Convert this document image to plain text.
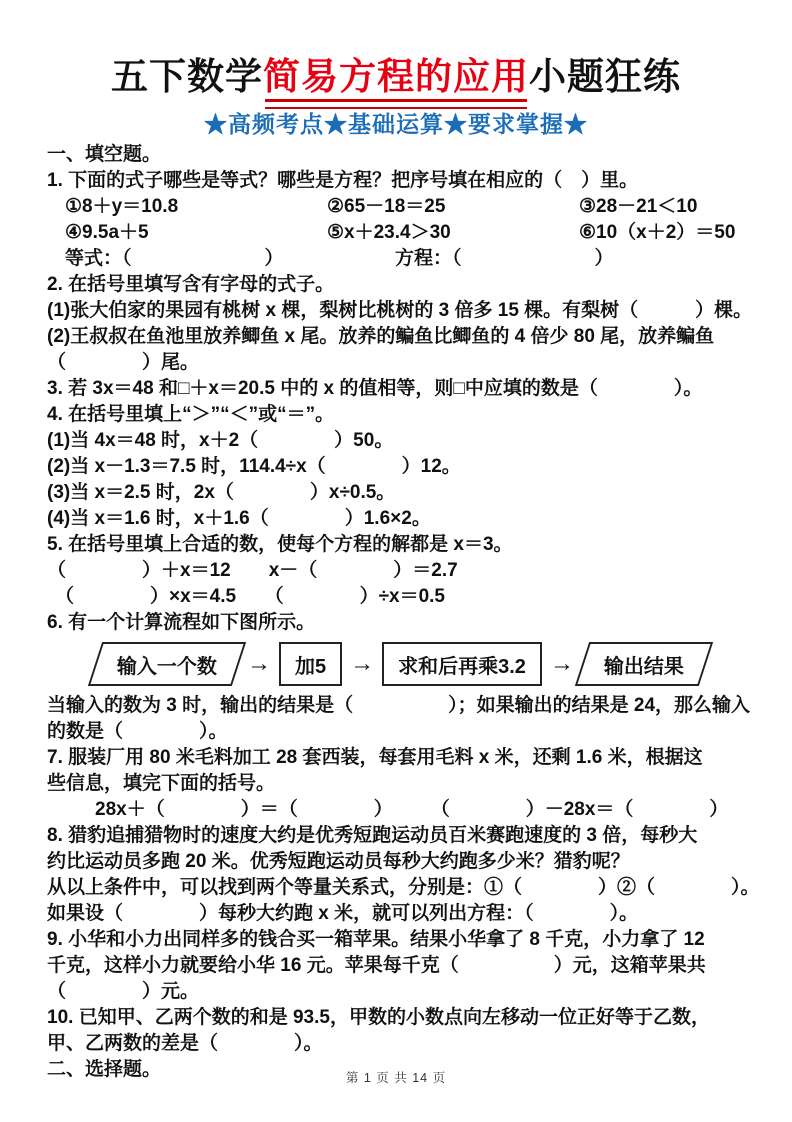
五下数学简易方程的应用小题狂练
★高频考点★基础运算★要求掌握★
一、填空题。
1. 下面的式子哪些是等式？哪些是方程？把序号填在相应的（　）里。
①8＋y＝10.8	②65－18＝25	③28－21＜10
④9.5a＋5	⑤x＋23.4＞30	⑥10（x＋2）＝50
等式：（　　　　　　　）	方程：（　　　　　　　）
2. 在括号里填写含有字母的式子。
(1)张大伯家的果园有桃树 x 棵，梨树比桃树的 3 倍多 15 棵。有梨树（　　　）棵。
(2)王叔叔在鱼池里放养鲫鱼 x 尾。放养的鳊鱼比鲫鱼的 4 倍少 80 尾，放养鳊鱼
（　　　　）尾。
3. 若 3x＝48 和□＋x＝20.5 中的 x 的值相等，则□中应填的数是（　　　　）。
4. 在括号里填上“＞”“＜”或“＝”。
(1)当 4x＝48 时，x＋2（　　　　）50。
(2)当 x－1.3＝7.5 时，114.4÷x（　　　　）12。
(3)当 x＝2.5 时，2x（　　　　）x÷0.5。
(4)当 x＝1.6 时，x＋1.6（　　　　）1.6×2。
5. 在括号里填上合适的数，使每个方程的解都是 x＝3。
（　　　　）＋x＝12　　x－（　　　　）＝2.7
（　　　　）×x＝4.5　　（　　　　）÷x＝0.5
6. 有一个计算流程如下图所示。
输入一个数	→	加5	→	求和后再乘3.2	→	输出结果
当输入的数为 3 时，输出的结果是（　　　　　）；如果输出的结果是 24，那么输入
的数是（　　　　）。
7. 服装厂用 80 米毛料加工 28 套西装，每套用毛料 x 米，还剩 1.6 米，根据这
些信息，填完下面的括号。
28x＋（　　　　）＝（　　　　）　　　（　　　　）－28x＝（　　　　）
8. 猎豹追捕猎物时的速度大约是优秀短跑运动员百米赛跑速度的 3 倍，每秒大
约比运动员多跑 20 米。优秀短跑运动员每秒大约跑多少米？猎豹呢？
从以上条件中，可以找到两个等量关系式，分别是：①（　　　　）②（　　　　）。
如果设（　　　　）每秒大约跑 x 米，就可以列出方程：（　　　　）。
9. 小华和小力出同样多的钱合买一箱苹果。结果小华拿了 8 千克，小力拿了 12
千克，这样小力就要给小华 16 元。苹果每千克（　　　　　）元，这箱苹果共
（　　　　）元。
10. 已知甲、乙两个数的和是 93.5，甲数的小数点向左移动一位正好等于乙数，
甲、乙两数的差是（　　　　）。
二、选择题。	第 1 页 共 14 页
